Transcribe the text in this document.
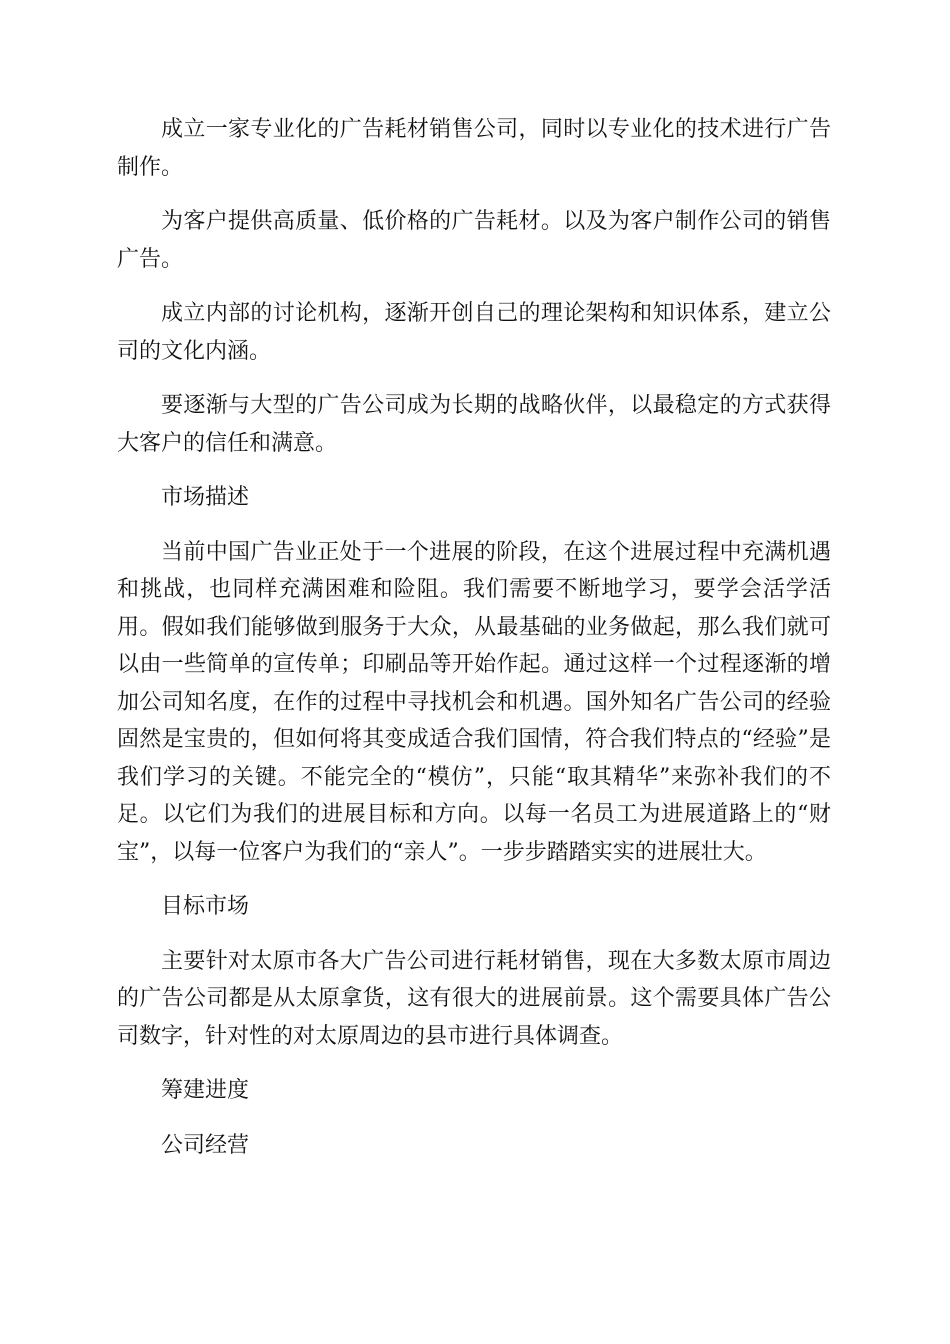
成立一家专业化的广告耗材销售公司，同时以专业化的技术进行广告制作。

为客户提供高质量、低价格的广告耗材。以及为客户制作公司的销售广告。

成立内部的讨论机构，逐渐开创自己的理论架构和知识体系，建立公司的文化内涵。

要逐渐与大型的广告公司成为长期的战略伙伴，以最稳定的方式获得大客户的信任和满意。

市场描述

当前中国广告业正处于一个进展的阶段，在这个进展过程中充满机遇和挑战，也同样充满困难和险阻。我们需要不断地学习，要学会活学活用。假如我们能够做到服务于大众，从最基础的业务做起，那么我们就可以由一些简单的宣传单；印刷品等开始作起。通过这样一个过程逐渐的增加公司知名度，在作的过程中寻找机会和机遇。国外知名广告公司的经验固然是宝贵的，但如何将其变成适合我们国情，符合我们特点的“经验”是我们学习的关键。不能完全的“模仿”，只能“取其精华”来弥补我们的不足。以它们为我们的进展目标和方向。以每一名员工为进展道路上的“财宝”，以每一位客户为我们的“亲人”。一步步踏踏实实的进展壮大。

目标市场

主要针对太原市各大广告公司进行耗材销售，现在大多数太原市周边的广告公司都是从太原拿货，这有很大的进展前景。这个需要具体广告公司数字，针对性的对太原周边的县市进行具体调查。

筹建进度

公司经营
